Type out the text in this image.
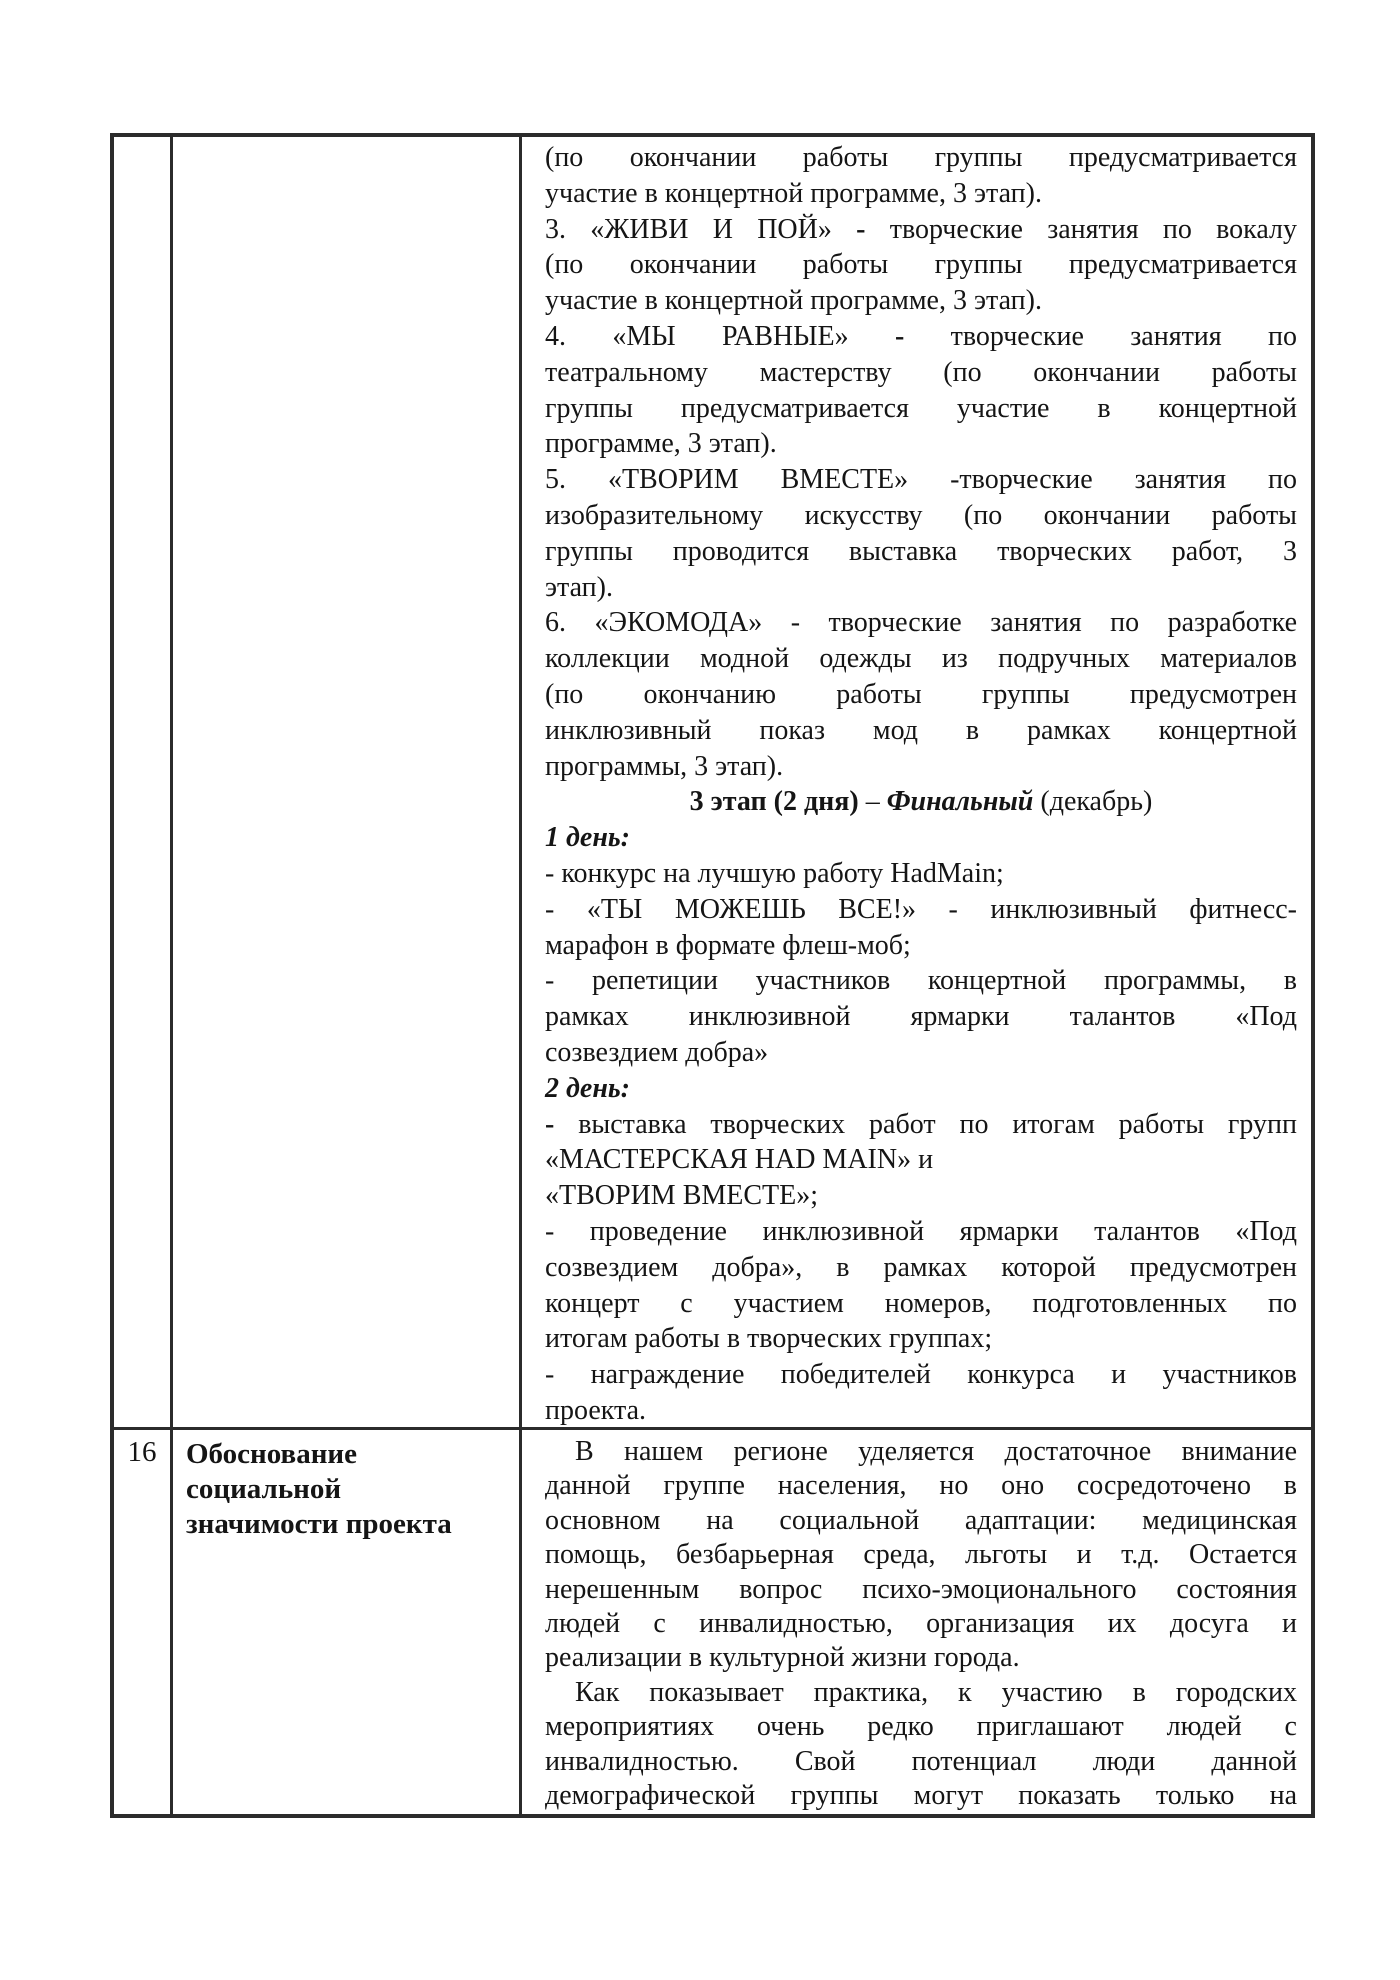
(по окончании работы группы предусматривается
участие в концертной программе, 3 этап).
3. «ЖИВИ И ПОЙ» - творческие занятия по вокалу
(по окончании работы группы предусматривается
участие в концертной программе, 3 этап).
4. «МЫ РАВНЫЕ» - творческие занятия по
театральному мастерству (по окончании работы
группы предусматривается участие в концертной
программе, 3 этап).
5. «ТВОРИМ ВМЕСТЕ» -творческие занятия по
изобразительному искусству (по окончании работы
группы проводится выставка творческих работ, 3
этап).
6. «ЭКОМОДА» - творческие занятия по разработке
коллекции модной одежды из подручных материалов
(по окончанию работы группы предусмотрен
инклюзивный показ мод в рамках концертной
программы, 3 этап).
3 этап (2 дня) – Финальный (декабрь)
1 день:
- конкурс на лучшую работу HadMain;
- «ТЫ МОЖЕШЬ ВСЕ!» - инклюзивный фитнесс-
марафон в формате флеш-моб;
- репетиции участников концертной программы, в
рамках инклюзивной ярмарки талантов «Под
созвездием добра»
2 день:
- выставка творческих работ по итогам работы групп
«МАСТЕРСКАЯ HAD MAIN» и
«ТВОРИМ ВМЕСТЕ»;
- проведение инклюзивной ярмарки талантов «Под
созвездием добра», в рамках которой предусмотрен
концерт с участием номеров, подготовленных по
итогам работы в творческих группах;
- награждение победителей конкурса и участников
проекта.
16	Обоснование
социальной
значимости проекта
В нашем регионе уделяется достаточное внимание
данной группе населения, но оно сосредоточено в
основном на социальной адаптации: медицинская
помощь, безбарьерная среда, льготы и т.д. Остается
нерешенным вопрос психо-эмоционального состояния
людей с инвалидностью, организация их досуга и
реализации в культурной жизни города.
Как показывает практика, к участию в городских
мероприятиях очень редко приглашают людей с
инвалидностью. Свой потенциал люди данной
демографической группы могут показать только на
